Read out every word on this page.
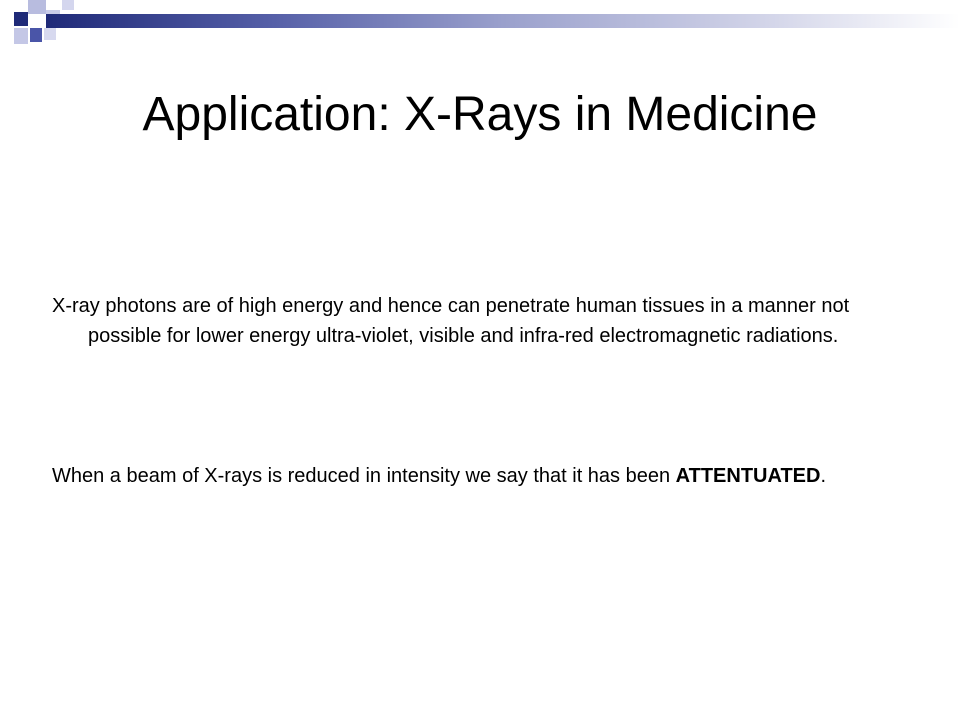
Application: X-Rays in Medicine

X-ray photons are of high energy and hence can penetrate human tissues in a manner not possible for lower energy ultra-violet, visible and infra-red electromagnetic radiations.

When a beam of X-rays is reduced in intensity we say that it has been ATTENTUATED.
